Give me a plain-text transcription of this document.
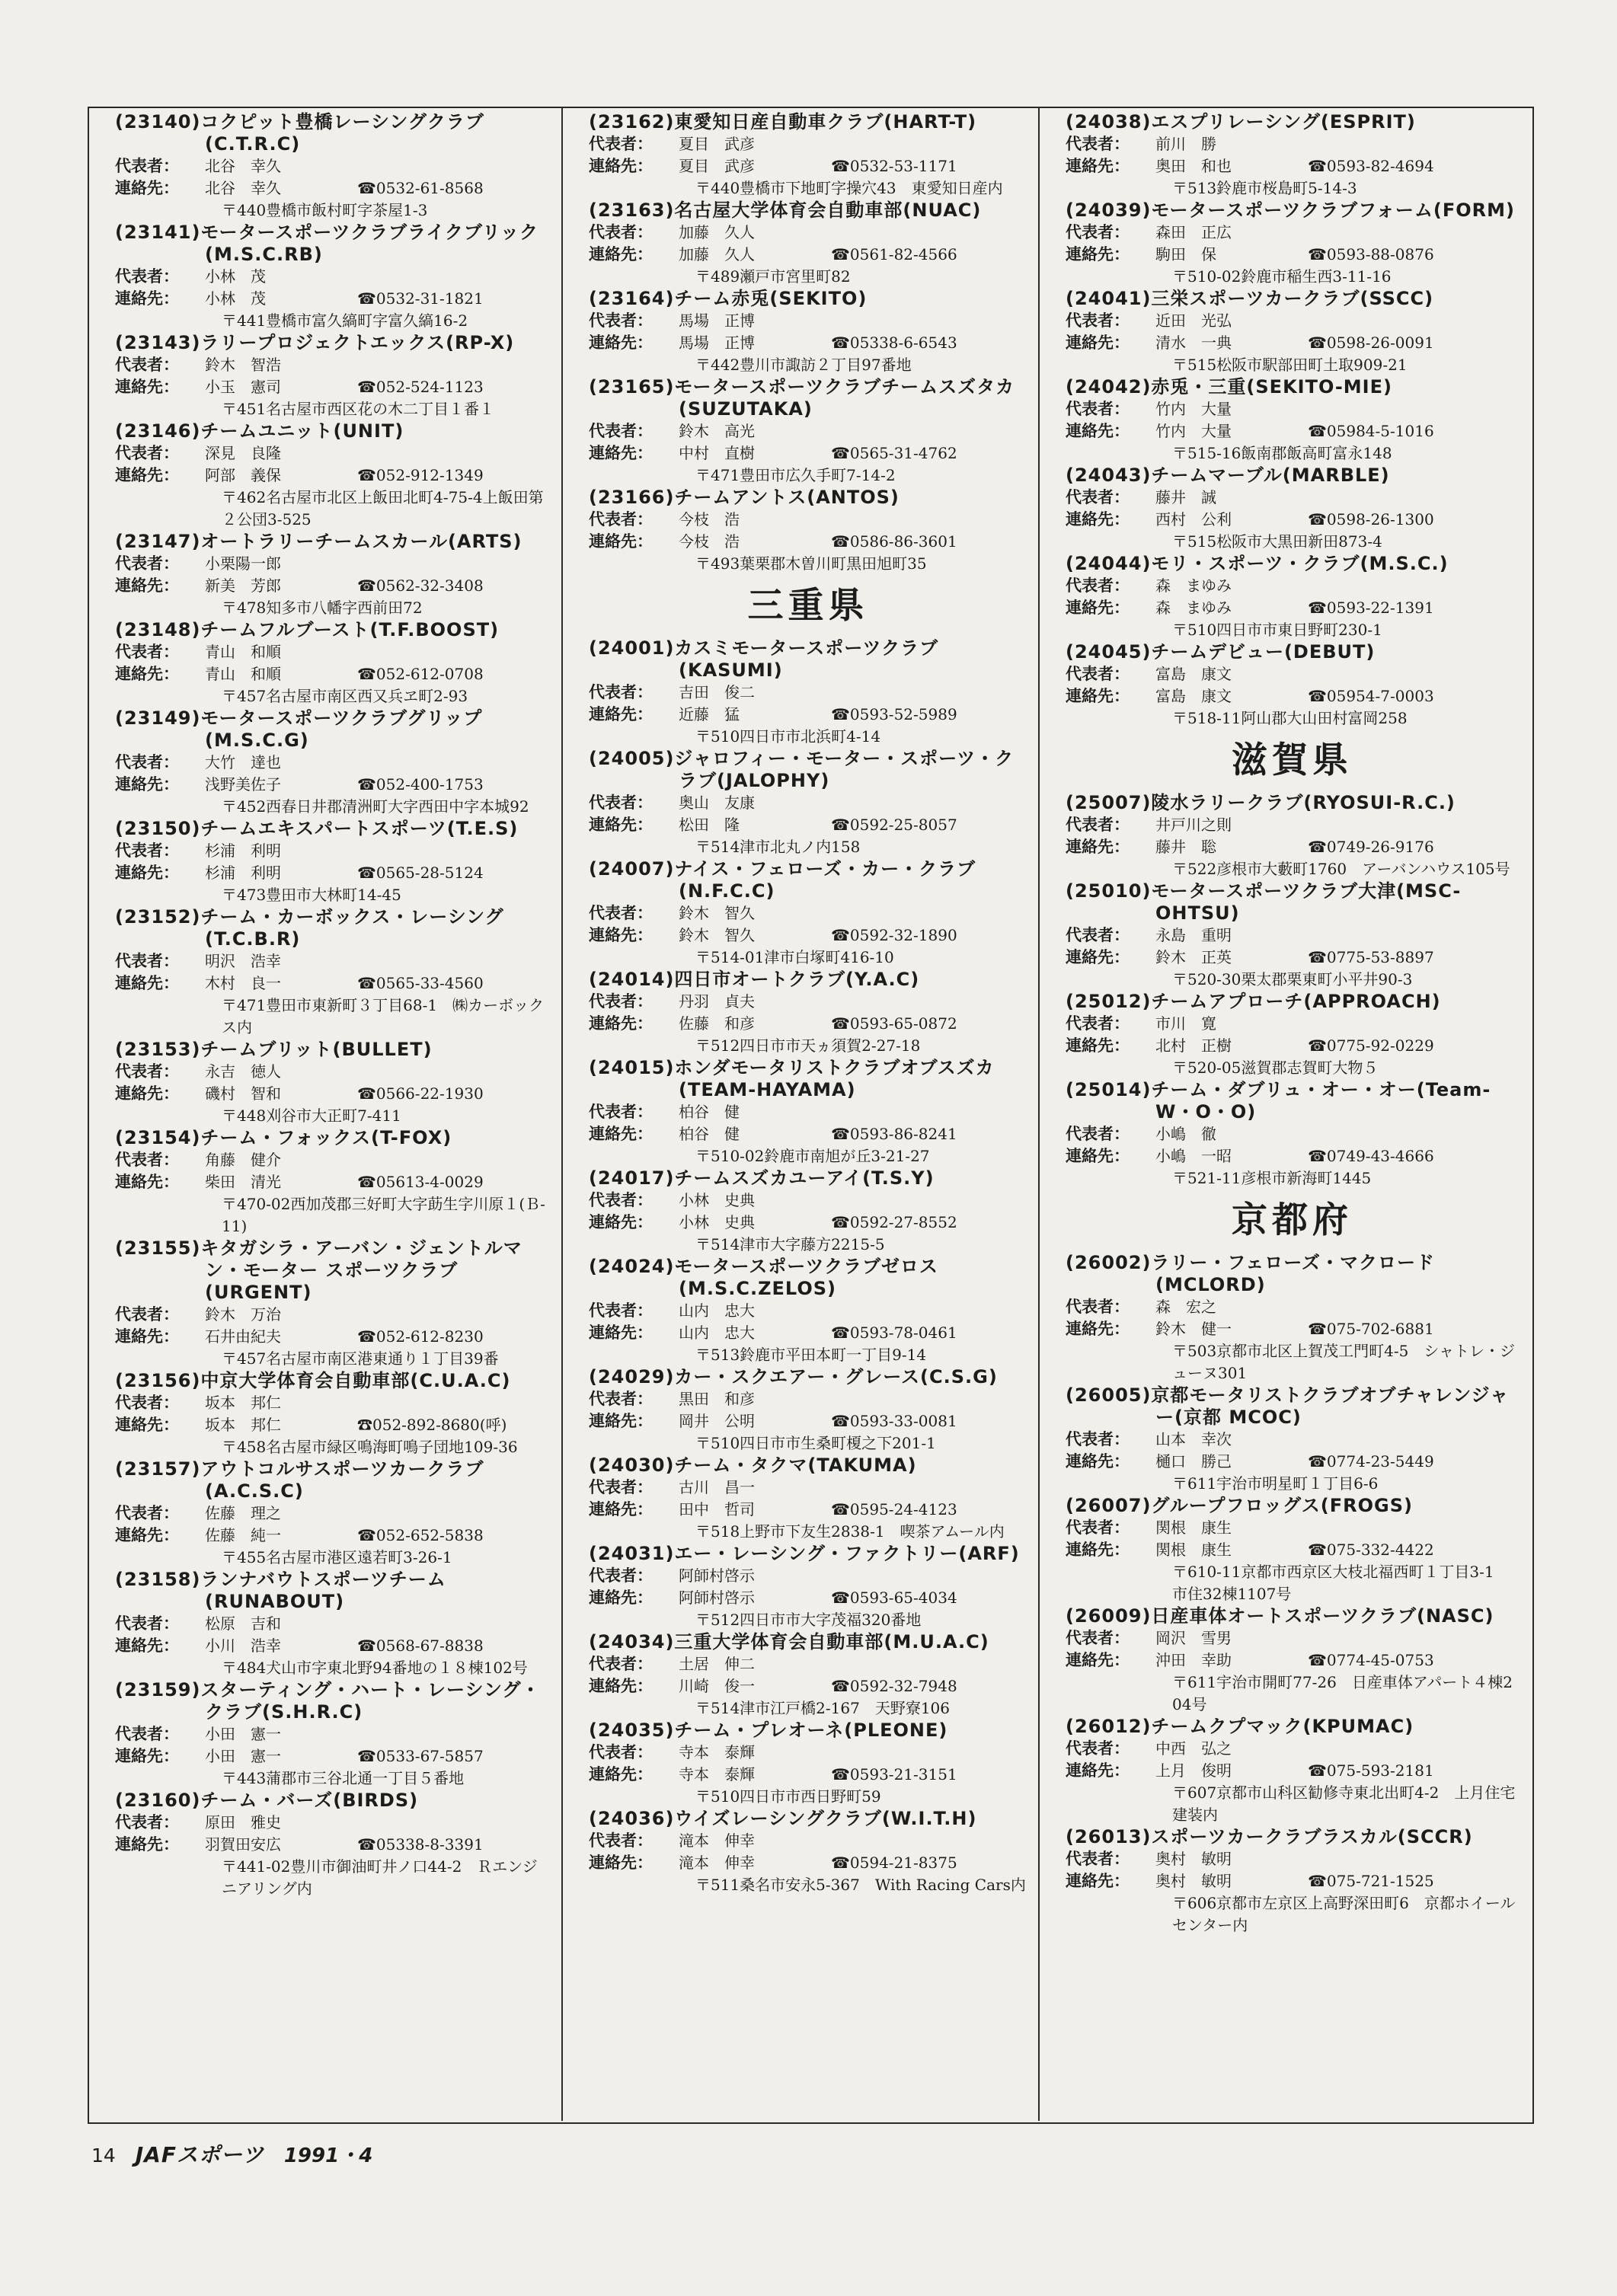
(23140)コクピット豊橋レーシングクラブ(C.T.R.C)
代表者： 北谷　幸久
連絡先： 北谷　幸久	☎0532-61-8568
〒440豊橋市飯村町字茶屋1-3
(23141)モータースポーツクラブライクブリック(M.S.C.RB)
代表者： 小林　茂
連絡先： 小林　茂	☎0532-31-1821
〒441豊橋市富久縞町字富久縞16-2
(23143)ラリープロジェクトエックス(RP-X)
代表者： 鈴木　智浩
連絡先： 小玉　憲司	☎052-524-1123
〒451名古屋市西区花の木二丁目１番１
(23146)チームユニット(UNIT)
代表者： 深見　良隆
連絡先： 阿部　義保	☎052-912-1349
〒462名古屋市北区上飯田北町4-75-4上飯田第２公団3-525
(23147)オートラリーチームスカール(ARTS)
代表者： 小栗陽一郎
連絡先： 新美　芳郎	☎0562-32-3408
〒478知多市八幡字西前田72
(23148)チームフルブースト(T.F.BOOST)
代表者： 青山　和順
連絡先： 青山　和順	☎052-612-0708
〒457名古屋市南区西又兵ヱ町2-93
(23149)モータースポーツクラブグリップ(M.S.C.G)
代表者： 大竹　達也
連絡先： 浅野美佐子	☎052-400-1753
〒452西春日井郡清洲町大字西田中字本城92
(23150)チームエキスパートスポーツ(T.E.S)
代表者： 杉浦　利明
連絡先： 杉浦　利明	☎0565-28-5124
〒473豊田市大林町14-45
(23152)チーム・カーボックス・レーシング(T.C.B.R)
代表者： 明沢　浩幸
連絡先： 木村　良一	☎0565-33-4560
〒471豊田市東新町３丁目68-1　㈱カーボックス内
(23153)チームブリット(BULLET)
代表者： 永吉　徳人
連絡先： 磯村　智和	☎0566-22-1930
〒448刈谷市大正町7-411
(23154)チーム・フォックス(T-FOX)
代表者： 角藤　健介
連絡先： 柴田　清光	☎05613-4-0029
〒470-02西加茂郡三好町大字莇生字川原１(Ｂ-11)
(23155)キタガシラ・アーバン・ジェントルマン・モーター スポーツクラブ(URGENT)
代表者： 鈴木　万治
連絡先： 石井由紀夫	☎052-612-8230
〒457名古屋市南区港東通り１丁目39番
(23156)中京大学体育会自動車部(C.U.A.C)
代表者： 坂本　邦仁
連絡先： 坂本　邦仁	☎052-892-8680(呼)
〒458名古屋市緑区鳴海町鳴子団地109-36
(23157)アウトコルサスポーツカークラブ(A.C.S.C)
代表者： 佐藤　理之
連絡先： 佐藤　純一	☎052-652-5838
〒455名古屋市港区遠若町3-26-1
(23158)ランナバウトスポーツチーム(RUNABOUT)
代表者： 松原　吉和
連絡先： 小川　浩幸	☎0568-67-8838
〒484犬山市字東北野94番地の１８棟102号
(23159)スターティング・ハート・レーシング・クラブ(S.H.R.C)
代表者： 小田　憲一
連絡先： 小田　憲一	☎0533-67-5857
〒443蒲郡市三谷北通一丁目５番地
(23160)チーム・バーズ(BIRDS)
代表者： 原田　雅史
連絡先： 羽賀田安広	☎05338-8-3391
〒441-02豊川市御油町井ノ口44-2　Ｒエンジニアリング内
(23162)東愛知日産自動車クラブ(HART-T)
代表者： 夏目　武彦
連絡先： 夏目　武彦	☎0532-53-1171
〒440豊橋市下地町字操穴43　東愛知日産内
(23163)名古屋大学体育会自動車部(NUAC)
代表者： 加藤　久人
連絡先： 加藤　久人	☎0561-82-4566
〒489瀬戸市宮里町82
(23164)チーム赤兎(SEKITO)
代表者： 馬場　正博
連絡先： 馬場　正博	☎05338-6-6543
〒442豊川市諏訪２丁目97番地
(23165)モータースポーツクラブチームスズタカ(SUZUTAKA)
代表者： 鈴木　高光
連絡先： 中村　直樹	☎0565-31-4762
〒471豊田市広久手町7-14-2
(23166)チームアントス(ANTOS)
代表者： 今枝　浩
連絡先： 今枝　浩	☎0586-86-3601
〒493葉栗郡木曽川町黒田旭町35
三重県
(24001)カスミモータースポーツクラブ(KASUMI)
代表者： 吉田　俊二
連絡先： 近藤　猛	☎0593-52-5989
〒510四日市市北浜町4-14
(24005)ジャロフィー・モーター・スポーツ・クラブ(JALOPHY)
代表者： 奥山　友康
連絡先： 松田　隆	☎0592-25-8057
〒514津市北丸ノ内158
(24007)ナイス・フェローズ・カー・クラブ(N.F.C.C)
代表者： 鈴木　智久
連絡先： 鈴木　智久	☎0592-32-1890
〒514-01津市白塚町416-10
(24014)四日市オートクラブ(Y.A.C)
代表者： 丹羽　貞夫
連絡先： 佐藤　和彦	☎0593-65-0872
〒512四日市市天ヵ須賀2-27-18
(24015)ホンダモータリストクラブオブスズカ(TEAM-HAYAMA)
代表者： 柏谷　健
連絡先： 柏谷　健	☎0593-86-8241
〒510-02鈴鹿市南旭が丘3-21-27
(24017)チームスズカユーアイ(T.S.Y)
代表者： 小林　史典
連絡先： 小林　史典	☎0592-27-8552
〒514津市大字藤方2215-5
(24024)モータースポーツクラブゼロス(M.S.C.ZELOS)
代表者： 山内　忠大
連絡先： 山内　忠大	☎0593-78-0461
〒513鈴鹿市平田本町一丁目9-14
(24029)カー・スクエアー・グレース(C.S.G)
代表者： 黒田　和彦
連絡先： 岡井　公明	☎0593-33-0081
〒510四日市市生桑町榎之下201-1
(24030)チーム・タクマ(TAKUMA)
代表者： 古川　昌一
連絡先： 田中　哲司	☎0595-24-4123
〒518上野市下友生2838-1　喫茶アムール内
(24031)エー・レーシング・ファクトリー(ARF)
代表者： 阿師村啓示
連絡先： 阿師村啓示	☎0593-65-4034
〒512四日市市大字茂福320番地
(24034)三重大学体育会自動車部(M.U.A.C)
代表者： 土居　伸二
連絡先： 川崎　俊一	☎0592-32-7948
〒514津市江戸橋2-167　天野寮106
(24035)チーム・プレオーネ(PLEONE)
代表者： 寺本　泰輝
連絡先： 寺本　泰輝	☎0593-21-3151
〒510四日市市西日野町59
(24036)ウイズレーシングクラブ(W.I.T.H)
代表者： 滝本　伸幸
連絡先： 滝本　伸幸	☎0594-21-8375
〒511桑名市安永5-367　With Racing Cars内
(24038)エスプリレーシング(ESPRIT)
代表者： 前川　勝
連絡先： 奥田　和也	☎0593-82-4694
〒513鈴鹿市桜島町5-14-3
(24039)モータースポーツクラブフォーム(FORM)
代表者： 森田　正広
連絡先： 駒田　保	☎0593-88-0876
〒510-02鈴鹿市稲生西3-11-16
(24041)三栄スポーツカークラブ(SSCC)
代表者： 近田　光弘
連絡先： 清水　一典	☎0598-26-0091
〒515松阪市駅部田町土取909-21
(24042)赤兎・三重(SEKITO-MIE)
代表者： 竹内　大量
連絡先： 竹内　大量	☎05984-5-1016
〒515-16飯南郡飯高町富永148
(24043)チームマーブル(MARBLE)
代表者： 藤井　誠
連絡先： 西村　公利	☎0598-26-1300
〒515松阪市大黒田新田873-4
(24044)モリ・スポーツ・クラブ(M.S.C.)
代表者： 森　まゆみ
連絡先： 森　まゆみ	☎0593-22-1391
〒510四日市市東日野町230-1
(24045)チームデビュー(DEBUT)
代表者： 富島　康文
連絡先： 富島　康文	☎05954-7-0003
〒518-11阿山郡大山田村富岡258
滋賀県
(25007)陵水ラリークラブ(RYOSUI-R.C.)
代表者： 井戸川之則
連絡先： 藤井　聡	☎0749-26-9176
〒522彦根市大藪町1760　アーバンハウス105号
(25010)モータースポーツクラブ大津(MSC-OHTSU)
代表者： 永島　重明
連絡先： 鈴木　正英	☎0775-53-8897
〒520-30栗太郡栗東町小平井90-3
(25012)チームアプローチ(APPROACH)
代表者： 市川　寛
連絡先： 北村　正樹	☎0775-92-0229
〒520-05滋賀郡志賀町大物５
(25014)チーム・ダブリュ・オー・オー(Team-W・O・O)
代表者： 小嶋　徹
連絡先： 小嶋　一昭	☎0749-43-4666
〒521-11彦根市新海町1445
京都府
(26002)ラリー・フェローズ・マクロード(MCLORD)
代表者： 森　宏之
連絡先： 鈴木　健一	☎075-702-6881
〒503京都市北区上賀茂工門町4-5　シャトレ・ジューヌ301
(26005)京都モータリストクラブオブチャレンジャー(京都 MCOC)
代表者： 山本　幸次
連絡先： 樋口　勝己	☎0774-23-5449
〒611宇治市明星町１丁目6-6
(26007)グループフロッグス(FROGS)
代表者： 関根　康生
連絡先： 関根　康生	☎075-332-4422
〒610-11京都市西京区大枝北福西町１丁目3-1　市住32棟1107号
(26009)日産車体オートスポーツクラブ(NASC)
代表者： 岡沢　雪男
連絡先： 沖田　幸助	☎0774-45-0753
〒611宇治市開町77-26　日産車体アパート４棟204号
(26012)チームクプマック(KPUMAC)
代表者： 中西　弘之
連絡先： 上月　俊明	☎075-593-2181
〒607京都市山科区勧修寺東北出町4-2　上月住宅建装内
(26013)スポーツカークラブラスカル(SCCR)
代表者： 奥村　敏明
連絡先： 奥村　敏明	☎075-721-1525
〒606京都市左京区上高野深田町6　京都ホイールセンター内
14 JAFスポーツ 1991・4
